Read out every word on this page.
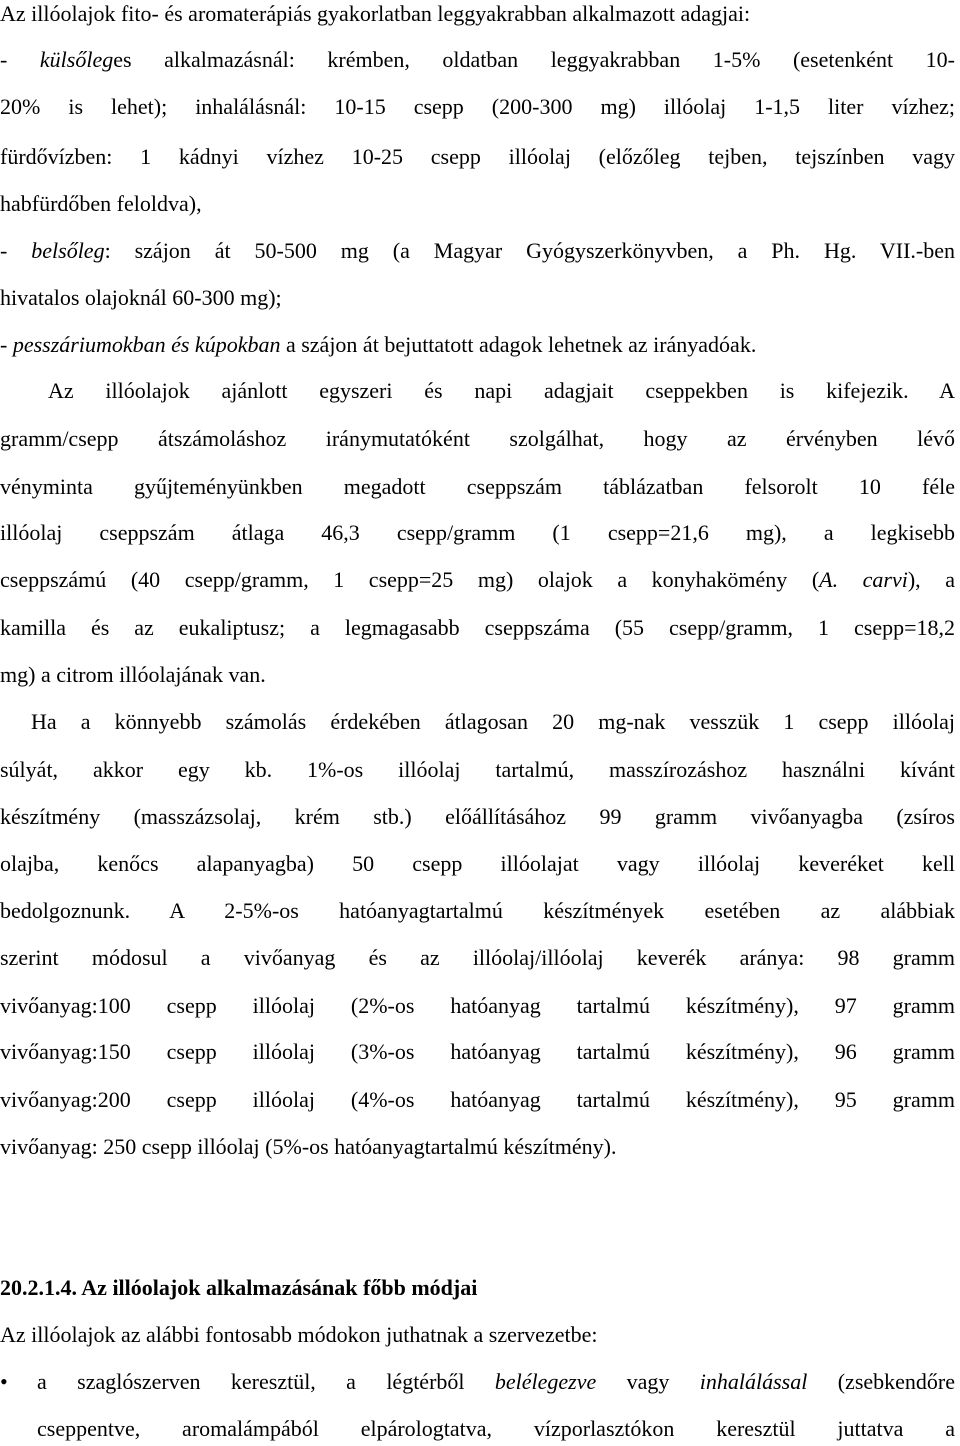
Az illóolajok fito- és aromaterápiás gyakorlatban leggyakrabban alkalmazott adagjai:
- külsőleges alkalmazásnál: krémben, oldatban leggyakrabban 1-5% (esetenként 10-
20% is lehet); inhalálásnál: 10-15 csepp (200-300 mg) illóolaj 1-1,5 liter vízhez;
fürdővízben: 1 kádnyi vízhez 10-25 csepp illóolaj (előzőleg tejben, tejszínben vagy
habfürdőben feloldva),
- belsőleg: szájon át 50-500 mg (a Magyar Gyógyszerkönyvben, a Ph. Hg. VII.-ben
hivatalos olajoknál 60-300 mg);
- pesszáriumokban és kúpokban a szájon át bejuttatott adagok lehetnek az irányadóak.
Az illóolajok ajánlott egyszeri és napi adagjait cseppekben is kifejezik. A
gramm/csepp átszámoláshoz iránymutatóként szolgálhat, hogy az érvényben lévő
vényminta gyűjteményünkben megadott cseppszám táblázatban felsorolt 10 féle
illóolaj cseppszám átlaga 46,3 csepp/gramm (1 csepp=21,6 mg), a legkisebb
cseppszámú (40 csepp/gramm, 1 csepp=25 mg) olajok a konyhakömény (A. carvi), a
kamilla és az eukaliptusz; a legmagasabb cseppszáma (55 csepp/gramm, 1 csepp=18,2
mg) a citrom illóolajának van.
Ha a könnyebb számolás érdekében átlagosan 20 mg-nak vesszük 1 csepp illóolaj
súlyát, akkor egy kb. 1%-os illóolaj tartalmú, masszírozáshoz használni kívánt
készítmény (masszázsolaj, krém stb.) előállításához 99 gramm vivőanyagba (zsíros
olajba, kenőcs alapanyagba) 50 csepp illóolajat vagy illóolaj keveréket kell
bedolgoznunk. A 2-5%-os hatóanyagtartalmú készítmények esetében az alábbiak
szerint módosul a vivőanyag és az illóolaj/illóolaj keverék aránya: 98 gramm
vivőanyag:100 csepp illóolaj (2%-os hatóanyag tartalmú készítmény), 97 gramm
vivőanyag:150 csepp illóolaj (3%-os hatóanyag tartalmú készítmény), 96 gramm
vivőanyag:200 csepp illóolaj (4%-os hatóanyag tartalmú készítmény), 95 gramm
vivőanyag: 250 csepp illóolaj (5%-os hatóanyagtartalmú készítmény).
20.2.1.4. Az illóolajok alkalmazásának főbb módjai
Az illóolajok az alábbi fontosabb módokon juthatnak a szervezetbe:
•	a szaglószerven keresztül, a légtérből belélegezve vagy inhalálással (zsebkendőre
cseppentve, aromalámpából elpárologtatva, vízporlasztókon keresztül juttatva a
